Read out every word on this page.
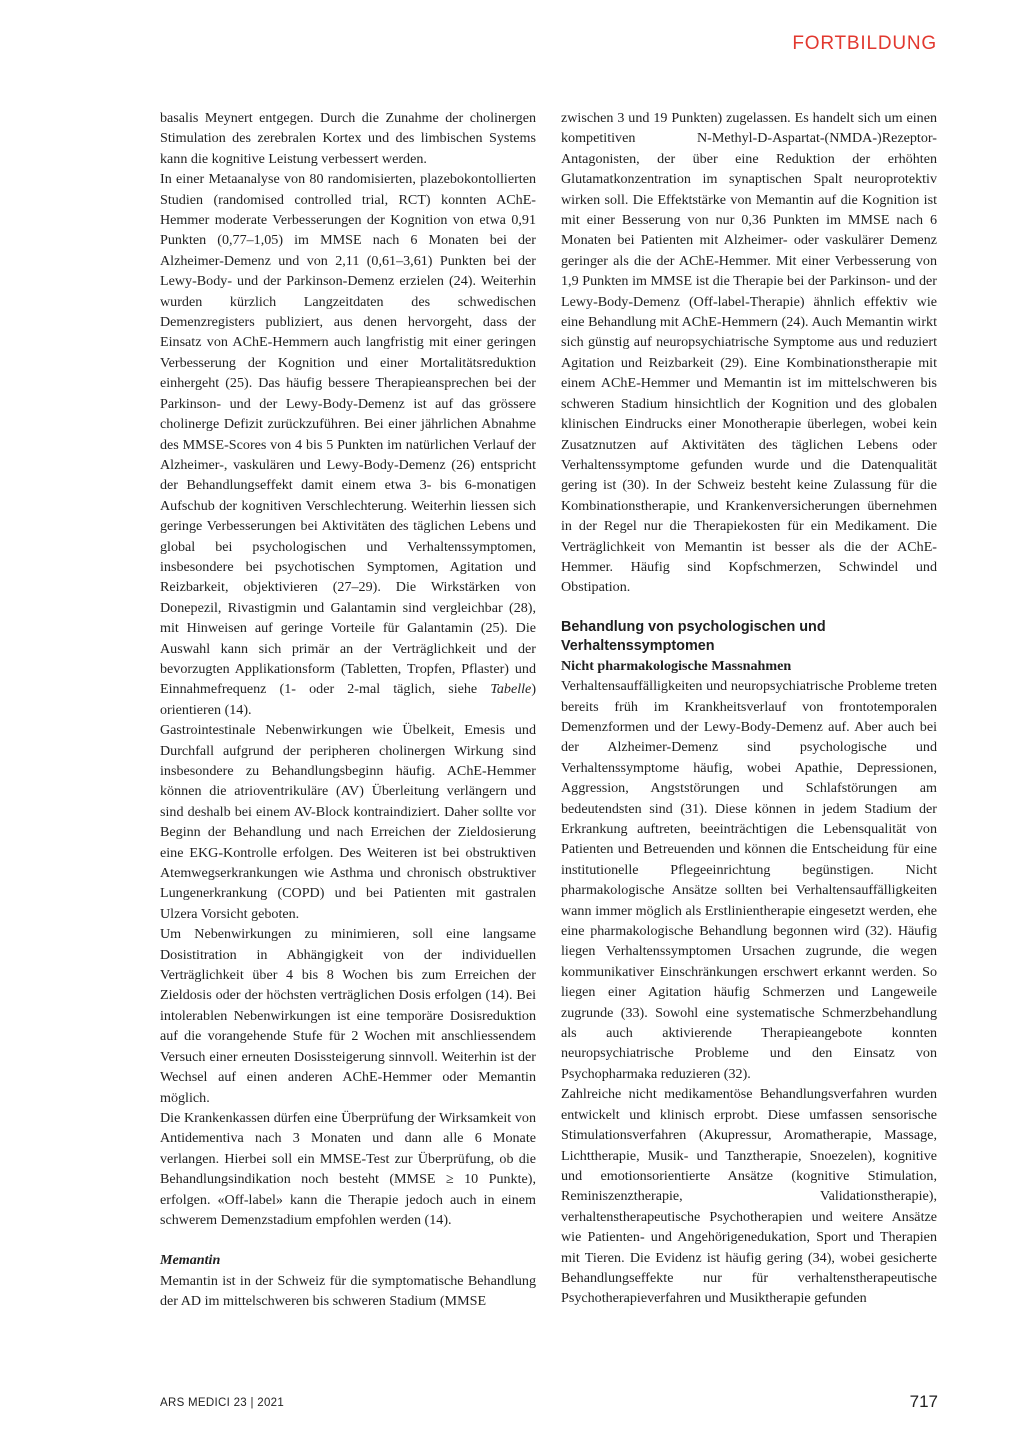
FORTBILDUNG

basalis Meynert entgegen. Durch die Zunahme der cholinergen Stimulation des zerebralen Kortex und des limbischen Systems kann die kognitive Leistung verbessert werden.

In einer Metaanalyse von 80 randomisierten, plazebokontollierten Studien (randomised controlled trial, RCT) konnten AChE-Hemmer moderate Verbesserungen der Kognition von etwa 0,91 Punkten (0,77–1,05) im MMSE nach 6 Monaten bei der Alzheimer-Demenz und von 2,11 (0,61–3,61) Punkten bei der Lewy-Body- und der Parkinson-Demenz erzielen (24). Weiterhin wurden kürzlich Langzeitdaten des schwedischen Demenzregisters publiziert, aus denen hervorgeht, dass der Einsatz von AChE-Hemmern auch langfristig mit einer geringen Verbesserung der Kognition und einer Mortalitätsreduktion einhergeht (25). Das häufig bessere Therapieansprechen bei der Parkinson- und der Lewy-Body-Demenz ist auf das grössere cholinerge Defizit zurückzuführen. Bei einer jährlichen Abnahme des MMSE-Scores von 4 bis 5 Punkten im natürlichen Verlauf der Alzheimer-, vaskulären und Lewy-Body-Demenz (26) entspricht der Behandlungseffekt damit einem etwa 3- bis 6-monatigen Aufschub der kognitiven Verschlechterung. Weiterhin liessen sich geringe Verbesserungen bei Aktivitäten des täglichen Lebens und global bei psychologischen und Verhaltenssymptomen, insbesondere bei psychotischen Symptomen, Agitation und Reizbarkeit, objektivieren (27–29). Die Wirkstärken von Donepezil, Rivastigmin und Galantamin sind vergleichbar (28), mit Hinweisen auf geringe Vorteile für Galantamin (25). Die Auswahl kann sich primär an der Verträglichkeit und der bevorzugten Applikationsform (Tabletten, Tropfen, Pflaster) und Einnahmefrequenz (1- oder 2-mal täglich, siehe Tabelle) orientieren (14).

Gastrointestinale Nebenwirkungen wie Übelkeit, Emesis und Durchfall aufgrund der peripheren cholinergen Wirkung sind insbesondere zu Behandlungsbeginn häufig. AChE-Hemmer können die atrioventrikuläre (AV) Überleitung verlängern und sind deshalb bei einem AV-Block kontraindiziert. Daher sollte vor Beginn der Behandlung und nach Erreichen der Zieldosierung eine EKG-Kontrolle erfolgen. Des Weiteren ist bei obstruktiven Atemwegserkrankungen wie Asthma und chronisch obstruktiver Lungenerkrankung (COPD) und bei Patienten mit gastralen Ulzera Vorsicht geboten.

Um Nebenwirkungen zu minimieren, soll eine langsame Dosistitration in Abhängigkeit von der individuellen Verträglichkeit über 4 bis 8 Wochen bis zum Erreichen der Zieldosis oder der höchsten verträglichen Dosis erfolgen (14). Bei intolerablen Nebenwirkungen ist eine temporäre Dosisreduktion auf die vorangehende Stufe für 2 Wochen mit anschliessendem Versuch einer erneuten Dosissteigerung sinnvoll. Weiterhin ist der Wechsel auf einen anderen AChE-Hemmer oder Memantin möglich.

Die Krankenkassen dürfen eine Überprüfung der Wirksamkeit von Antidementiva nach 3 Monaten und dann alle 6 Monate verlangen. Hierbei soll ein MMSE-Test zur Überprüfung, ob die Behandlungsindikation noch besteht (MMSE ≥ 10 Punkte), erfolgen. «Off-label» kann die Therapie jedoch auch in einem schwerem Demenzstadium empfohlen werden (14).

Memantin

Memantin ist in der Schweiz für die symptomatische Behandlung der AD im mittelschweren bis schweren Stadium (MMSE

zwischen 3 und 19 Punkten) zugelassen. Es handelt sich um einen kompetitiven N-Methyl-D-Aspartat-(NMDA-)Rezeptor-Antagonisten, der über eine Reduktion der erhöhten Glutamatkonzentration im synaptischen Spalt neuroprotektiv wirken soll. Die Effektstärke von Memantin auf die Kognition ist mit einer Besserung von nur 0,36 Punkten im MMSE nach 6 Monaten bei Patienten mit Alzheimer- oder vaskulärer Demenz geringer als die der AChE-Hemmer. Mit einer Verbesserung von 1,9 Punkten im MMSE ist die Therapie bei der Parkinson- und der Lewy-Body-Demenz (Off-label-Therapie) ähnlich effektiv wie eine Behandlung mit AChE-Hemmern (24). Auch Memantin wirkt sich günstig auf neuropsychiatrische Symptome aus und reduziert Agitation und Reizbarkeit (29). Eine Kombinationstherapie mit einem AChE-Hemmer und Memantin ist im mittelschweren bis schweren Stadium hinsichtlich der Kognition und des globalen klinischen Eindrucks einer Monotherapie überlegen, wobei kein Zusatznutzen auf Aktivitäten des täglichen Lebens oder Verhaltenssymptome gefunden wurde und die Datenqualität gering ist (30). In der Schweiz besteht keine Zulassung für die Kombinationstherapie, und Krankenversicherungen übernehmen in der Regel nur die Therapiekosten für ein Medikament. Die Verträglichkeit von Memantin ist besser als die der AChE-Hemmer. Häufig sind Kopfschmerzen, Schwindel und Obstipation.

Behandlung von psychologischen und Verhaltenssymptomen

Nicht pharmakologische Massnahmen

Verhaltensauffälligkeiten und neuropsychiatrische Probleme treten bereits früh im Krankheitsverlauf von frontotemporalen Demenzformen und der Lewy-Body-Demenz auf. Aber auch bei der Alzheimer-Demenz sind psychologische und Verhaltenssymptome häufig, wobei Apathie, Depressionen, Aggression, Angststörungen und Schlafstörungen am bedeutendsten sind (31). Diese können in jedem Stadium der Erkrankung auftreten, beeinträchtigen die Lebensqualität von Patienten und Betreuenden und können die Entscheidung für eine institutionelle Pflegeeinrichtung begünstigen. Nicht pharmakologische Ansätze sollten bei Verhaltensauffälligkeiten wann immer möglich als Erstlinientherapie eingesetzt werden, ehe eine pharmakologische Behandlung begonnen wird (32). Häufig liegen Verhaltenssymptomen Ursachen zugrunde, die wegen kommunikativer Einschränkungen erschwert erkannt werden. So liegen einer Agitation häufig Schmerzen und Langeweile zugrunde (33). Sowohl eine systematische Schmerzbehandlung als auch aktivierende Therapieangebote konnten neuropsychiatrische Probleme und den Einsatz von Psychopharmaka reduzieren (32).

Zahlreiche nicht medikamentöse Behandlungsverfahren wurden entwickelt und klinisch erprobt. Diese umfassen sensorische Stimulationsverfahren (Akupressur, Aromatherapie, Massage, Lichttherapie, Musik- und Tanztherapie, Snoezelen), kognitive und emotionsorientierte Ansätze (kognitive Stimulation, Reminiszenztherapie, Validationstherapie), verhaltenstherapeutische Psychotherapien und weitere Ansätze wie Patienten- und Angehörigenedukation, Sport und Therapien mit Tieren. Die Evidenz ist häufig gering (34), wobei gesicherte Behandlungseffekte nur für verhaltenstherapeutische Psychotherapieverfahren und Musiktherapie gefunden

ARS MEDICI 23 | 2021	717
